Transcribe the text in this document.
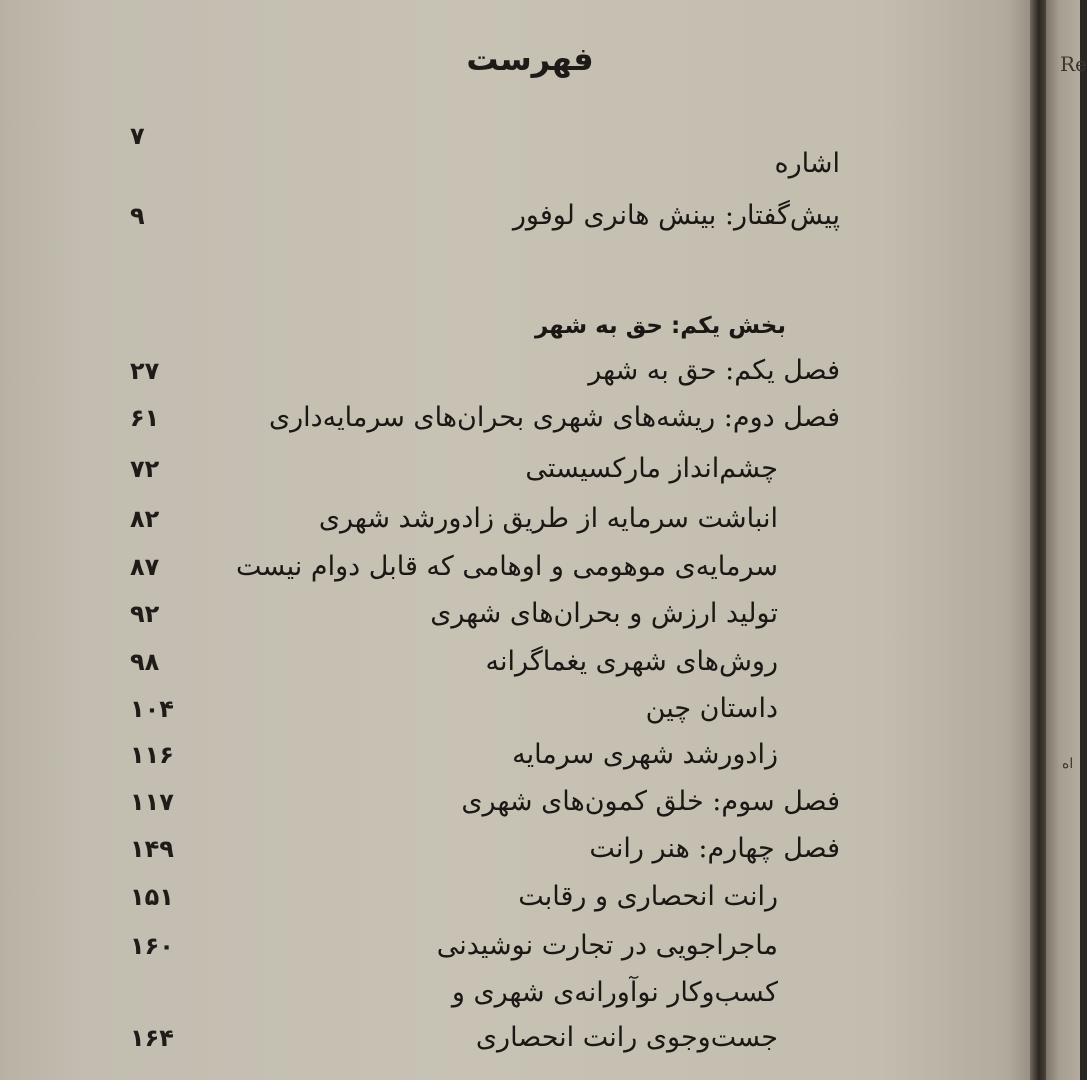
فهرست
اشاره
۷
پیش‌گفتار: بینش هانری لوفور
۹
بخش یکم: حق به شهر
فصل یکم: حق به شهر
۲۷
فصل دوم: ریشه‌های شهری بحران‌های سرمایه‌داری
۶۱
چشم‌انداز مارکسیستی
۷۲
انباشت سرمایه از طریق زادورشد شهری
۸۲
سرمایه‌ی موهومی و اوهامی که قابل دوام نیست
۸۷
تولید ارزش و بحران‌های شهری
۹۲
روش‌های شهری یغماگرانه
۹۸
داستان چین
۱۰۴
زادورشد شهری سرمایه
۱۱۶
فصل سوم: خلق کمون‌های شهری
۱۱۷
فصل چهارم: هنر رانت
۱۴۹
رانت انحصاری و رقابت
۱۵۱
ماجراجویی در تجارت نوشیدنی
۱۶۰
کسب‌وکار نوآورانه‌ی شهری و
جست‌وجوی رانت انحصاری
۱۶۴
Re
اه
